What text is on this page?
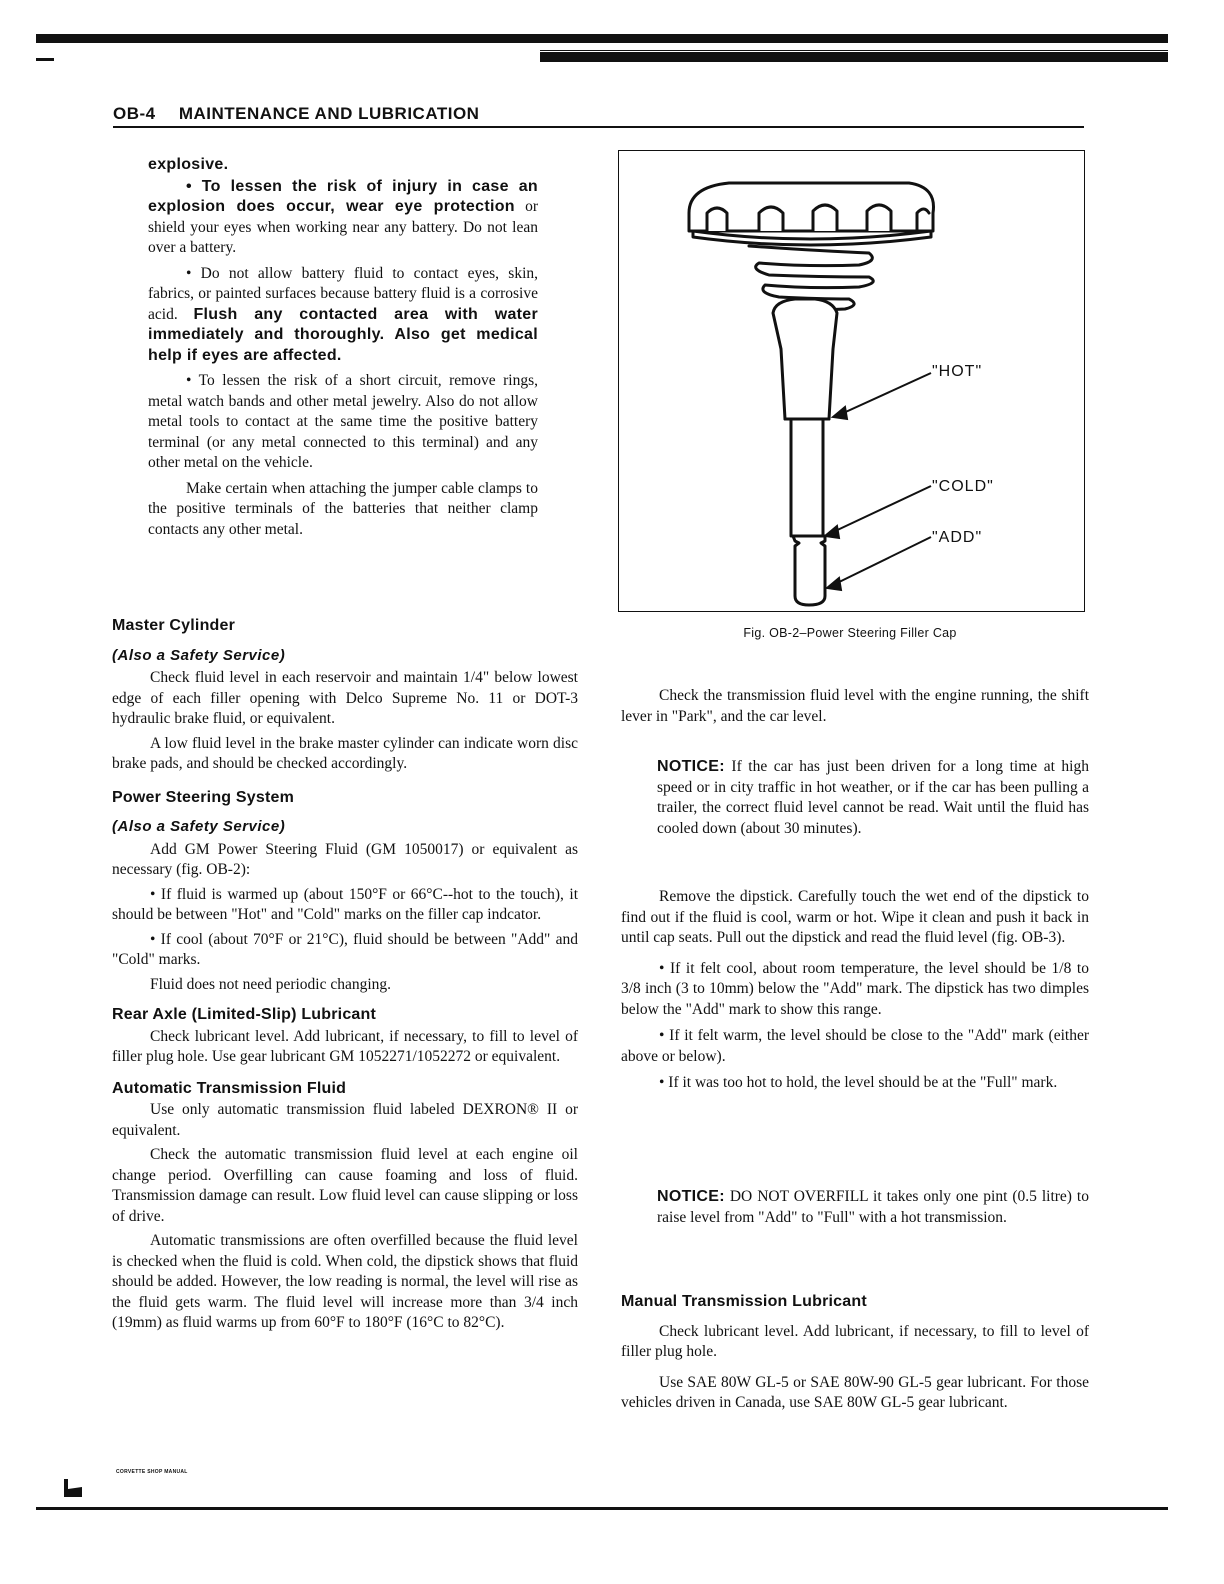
OB-4 MAINTENANCE AND LUBRICATION

explosive.

• To lessen the risk of injury in case an explosion does occur, wear eye protection or shield your eyes when working near any battery. Do not lean over a battery.

• Do not allow battery fluid to contact eyes, skin, fabrics, or painted surfaces because battery fluid is a corrosive acid. Flush any contacted area with water immediately and thoroughly. Also get medical help if eyes are affected.

• To lessen the risk of a short circuit, remove rings, metal watch bands and other metal jewelry. Also do not allow metal tools to contact at the same time the positive battery terminal (or any metal connected to this terminal) and any other metal on the vehicle.

Make certain when attaching the jumper cable clamps to the positive terminals of the batteries that neither clamp contacts any other metal.

Master Cylinder

(Also a Safety Service)

Check fluid level in each reservoir and maintain 1/4" below lowest edge of each filler opening with Delco Supreme No. 11 or DOT-3 hydraulic brake fluid, or equivalent.

A low fluid level in the brake master cylinder can indicate worn disc brake pads, and should be checked accordingly.

Power Steering System

(Also a Safety Service)

Add GM Power Steering Fluid (GM 1050017) or equivalent as necessary (fig. OB-2):

• If fluid is warmed up (about 150°F or 66°C--hot to the touch), it should be between "Hot" and "Cold" marks on the filler cap indcator.

• If cool (about 70°F or 21°C), fluid should be between "Add" and "Cold" marks.

Fluid does not need periodic changing.

Rear Axle (Limited-Slip) Lubricant

Check lubricant level. Add lubricant, if necessary, to fill to level of filler plug hole. Use gear lubricant GM 1052271/1052272 or equivalent.

Automatic Transmission Fluid

Use only automatic transmission fluid labeled DEXRON® II or equivalent.

Check the automatic transmission fluid level at each engine oil change period. Overfilling can cause foaming and loss of fluid. Transmission damage can result. Low fluid level can cause slipping or loss of drive.

Automatic transmissions are often overfilled because the fluid level is checked when the fluid is cold. When cold, the dipstick shows that fluid should be added. However, the low reading is normal, the level will rise as the fluid gets warm. The fluid level will increase more than 3/4 inch (19mm) as fluid warms up from 60°F to 180°F (16°C to 82°C).

"HOT"
"COLD"
"ADD"
Fig. OB-2–Power Steering Filler Cap

Check the transmission fluid level with the engine running, the shift lever in "Park", and the car level.

NOTICE: If the car has just been driven for a long time at high speed or in city traffic in hot weather, or if the car has been pulling a trailer, the correct fluid level cannot be read. Wait until the fluid has cooled down (about 30 minutes).

Remove the dipstick. Carefully touch the wet end of the dipstick to find out if the fluid is cool, warm or hot. Wipe it clean and push it back in until cap seats. Pull out the dipstick and read the fluid level (fig. OB-3).

• If it felt cool, about room temperature, the level should be 1/8 to 3/8 inch (3 to 10mm) below the "Add" mark. The dipstick has two dimples below the "Add" mark to show this range.

• If it felt warm, the level should be close to the "Add" mark (either above or below).

• If it was too hot to hold, the level should be at the "Full" mark.

NOTICE: DO NOT OVERFILL it takes only one pint (0.5 litre) to raise level from "Add" to "Full" with a hot transmission.

Manual Transmission Lubricant

Check lubricant level. Add lubricant, if necessary, to fill to level of filler plug hole.

Use SAE 80W GL-5 or SAE 80W-90 GL-5 gear lubricant. For those vehicles driven in Canada, use SAE 80W GL-5 gear lubricant.

CORVETTE SHOP MANUAL
